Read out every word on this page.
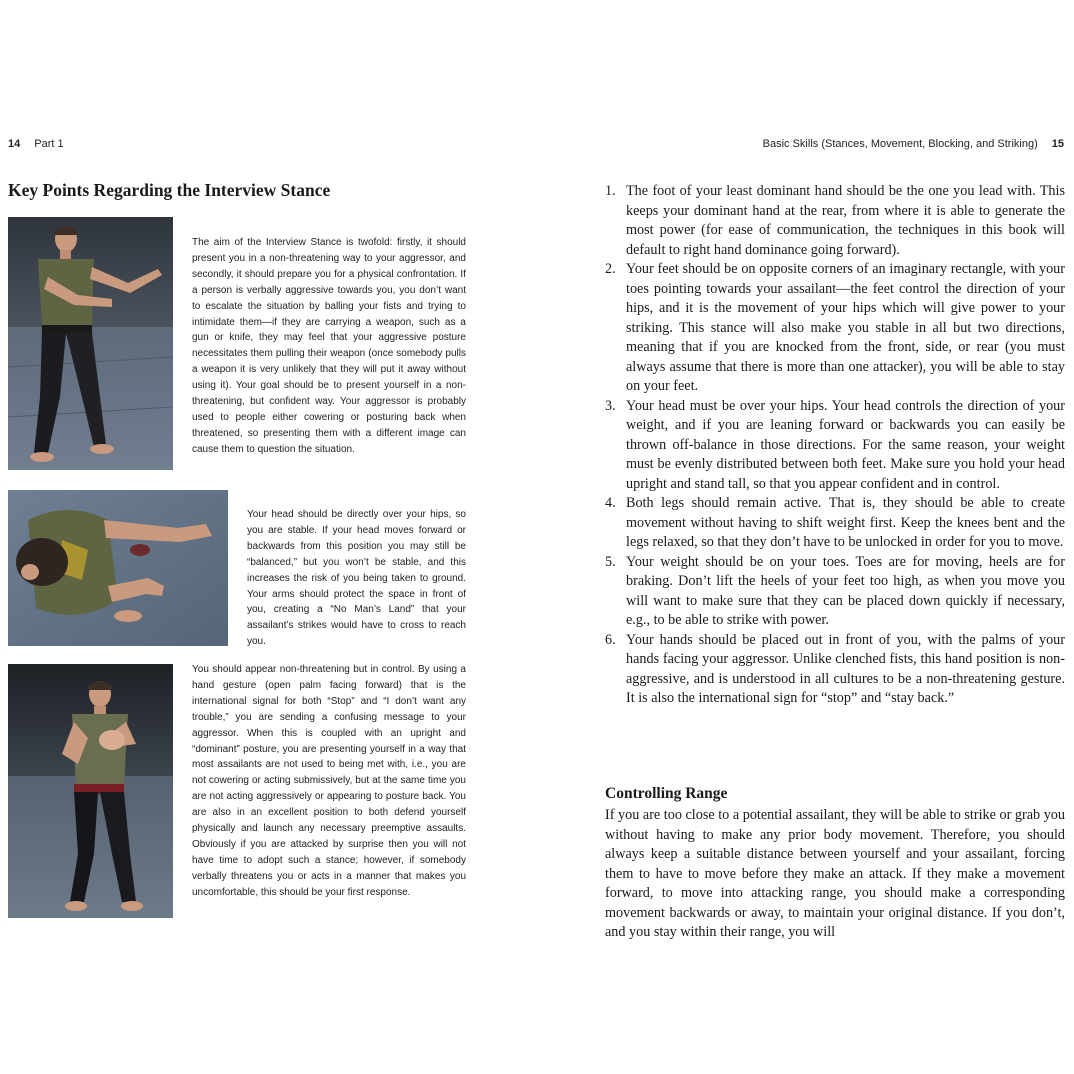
14 Part 1
Key Points Regarding the Interview Stance

The aim of the Interview Stance is twofold: firstly, it should present you in a non-threatening way to your aggressor, and secondly, it should prepare you for a physical confrontation. If a person is verbally aggressive towards you, you don’t want to escalate the situation by balling your fists and trying to intimidate them—if they are carrying a weapon, such as a gun or knife, they may feel that your aggressive posture necessitates them pulling their weapon (once somebody pulls a weapon it is very unlikely that they will put it away without using it). Your goal should be to present yourself in a non-threatening, but confident way. Your aggressor is probably used to people either cowering or posturing back when threatened, so presenting them with a different image can cause them to question the situation.

Your head should be directly over your hips, so you are stable. If your head moves forward or backwards from this position you may still be “balanced,” but you won’t be stable, and this increases the risk of you being taken to ground. Your arms should protect the space in front of you, creating a “No Man’s Land” that your assailant’s strikes would have to cross to reach you.

You should appear non-threatening but in control. By using a hand gesture (open palm facing forward) that is the international signal for both “Stop” and “I don’t want any trouble,” you are sending a confusing message to your aggressor. When this is coupled with an upright and “dominant” posture, you are presenting yourself in a way that most assailants are not used to being met with, i.e., you are not cowering or acting submissively, but at the same time you are not acting aggressively or appearing to posture back. You are also in an excellent position to both defend yourself physically and launch any necessary preemptive assaults. Obviously if you are attacked by surprise then you will not have time to adopt such a stance; however, if somebody verbally threatens you or acts in a manner that makes you uncomfortable, this should be your first response.

Basic Skills (Stances, Movement, Blocking, and Striking) 15
1. The foot of your least dominant hand should be the one you lead with. This keeps your dominant hand at the rear, from where it is able to generate the most power (for ease of communication, the techniques in this book will default to right hand dominance going forward).
2. Your feet should be on opposite corners of an imaginary rectangle, with your toes pointing towards your assailant—the feet control the direction of your hips, and it is the movement of your hips which will give power to your striking. This stance will also make you stable in all but two directions, meaning that if you are knocked from the front, side, or rear (you must always assume that there is more than one attacker), you will be able to stay on your feet.
3. Your head must be over your hips. Your head controls the direction of your weight, and if you are leaning forward or backwards you can easily be thrown off-balance in those directions. For the same reason, your weight must be evenly distributed between both feet. Make sure you hold your head upright and stand tall, so that you appear confident and in control.
4. Both legs should remain active. That is, they should be able to create movement without having to shift weight first. Keep the knees bent and the legs relaxed, so that they don’t have to be unlocked in order for you to move.
5. Your weight should be on your toes. Toes are for moving, heels are for braking. Don’t lift the heels of your feet too high, as when you move you will want to make sure that they can be placed down quickly if necessary, e.g., to be able to strike with power.
6. Your hands should be placed out in front of you, with the palms of your hands facing your aggressor. Unlike clenched fists, this hand position is non-aggressive, and is understood in all cultures to be a non-threatening gesture. It is also the international sign for “stop” and “stay back.”
Controlling Range

If you are too close to a potential assailant, they will be able to strike or grab you without having to make any prior body movement. Therefore, you should always keep a suitable distance between yourself and your assailant, forcing them to have to move before they make an attack. If they make a movement forward, to move into attacking range, you should make a corresponding movement backwards or away, to maintain your original distance. If you don’t, and you stay within their range, you will
